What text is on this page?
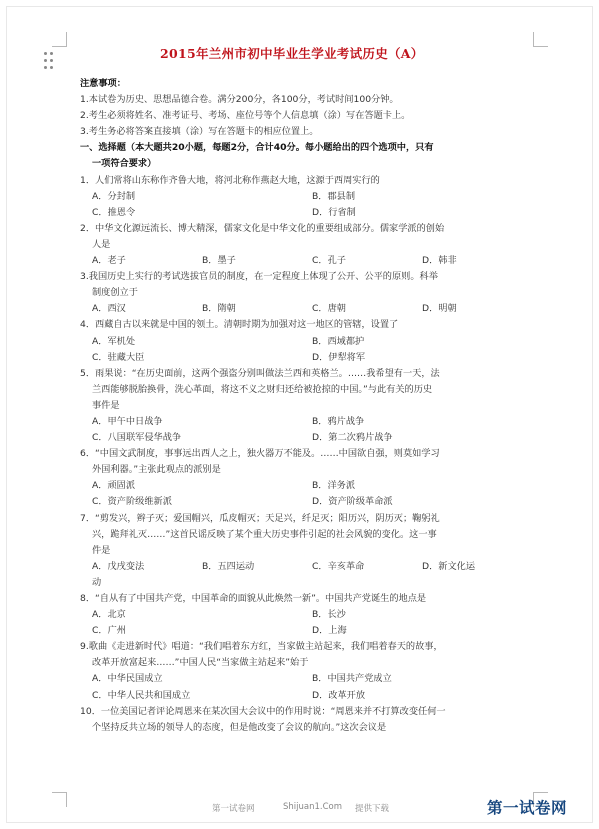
2015年兰州市初中毕业生学业考试历史（A）
注意事项：
1.本试卷为历史、思想品德合卷。满分200分，各100分，考试时间100分钟。
2.考生必须将姓名、准考证号、考场、座位号等个人信息填（涂）写在答题卡上。
3.考生务必将答案直接填（涂）写在答题卡的相应位置上。
一、选择题（本大题共20小题，每题2分，合计40分。每小题给出的四个选项中，只有
一项符合要求）
1．人们常将山东称作齐鲁大地，将河北称作燕赵大地，这源于西周实行的
A．分封制	B．郡县制
C．推恩令	D．行省制
2．中华文化源远流长、博大精深，儒家文化是中华文化的重要组成部分。儒家学派的创始
人是
A．老子	B．墨子	C．孔子	D．韩非
3.我国历史上实行的考试选拔官员的制度，在一定程度上体现了公开、公平的原则。科举
制度创立于
A．西汉	B．隋朝	C．唐朝	D．明朝
4．西藏自古以来就是中国的领土。清朝时期为加强对这一地区的管辖，设置了
A．军机处	B．西域都护
C．驻藏大臣	D．伊犁将军
5．雨果说：“在历史面前，这两个强盗分别叫做法兰西和英格兰。……我希望有一天，法
兰西能够脱胎换骨，洗心革面，将这不义之财归还给被抢掠的中国。”与此有关的历史
事件是
A．甲午中日战争	B．鸦片战争
C．八国联军侵华战争	D．第二次鸦片战争
6．“中国文武制度，事事远出西人之上，独火器万不能及。……中国欲自强，则莫如学习
外国利器。”主张此观点的派别是
A．顽固派	B．洋务派
C．资产阶级维新派	D．资产阶级革命派
7．“剪发兴，辫子灭；爱国帽兴，瓜皮帽灭；天足兴，纤足灭；阳历兴，阴历灭；鞠躬礼
兴，跪拜礼灭……”这首民谣反映了某个重大历史事件引起的社会风貌的变化。这一事
件是
A．戊戌变法	B．五四运动	C．辛亥革命	D．新文化运
动
8．“自从有了中国共产党，中国革命的面貌从此焕然一新”。中国共产党诞生的地点是
A．北京	B．长沙
C．广州	D．上海
9.歌曲《走进新时代》唱道：“我们唱着东方红，当家做主站起来，我们唱着春天的故事，
改革开放富起来……”中国人民“当家做主站起来”始于
A．中华民国成立	B．中国共产党成立
C．中华人民共和国成立	D．改革开放
10．一位美国记者评论周恩来在某次国大会议中的作用时说：“周恩来并不打算改变任何一
个坚持反共立场的领导人的态度，但是他改变了会议的航向。”这次会议是
第一试卷网	Shijuan1.Com 提供下载	第一试卷网
